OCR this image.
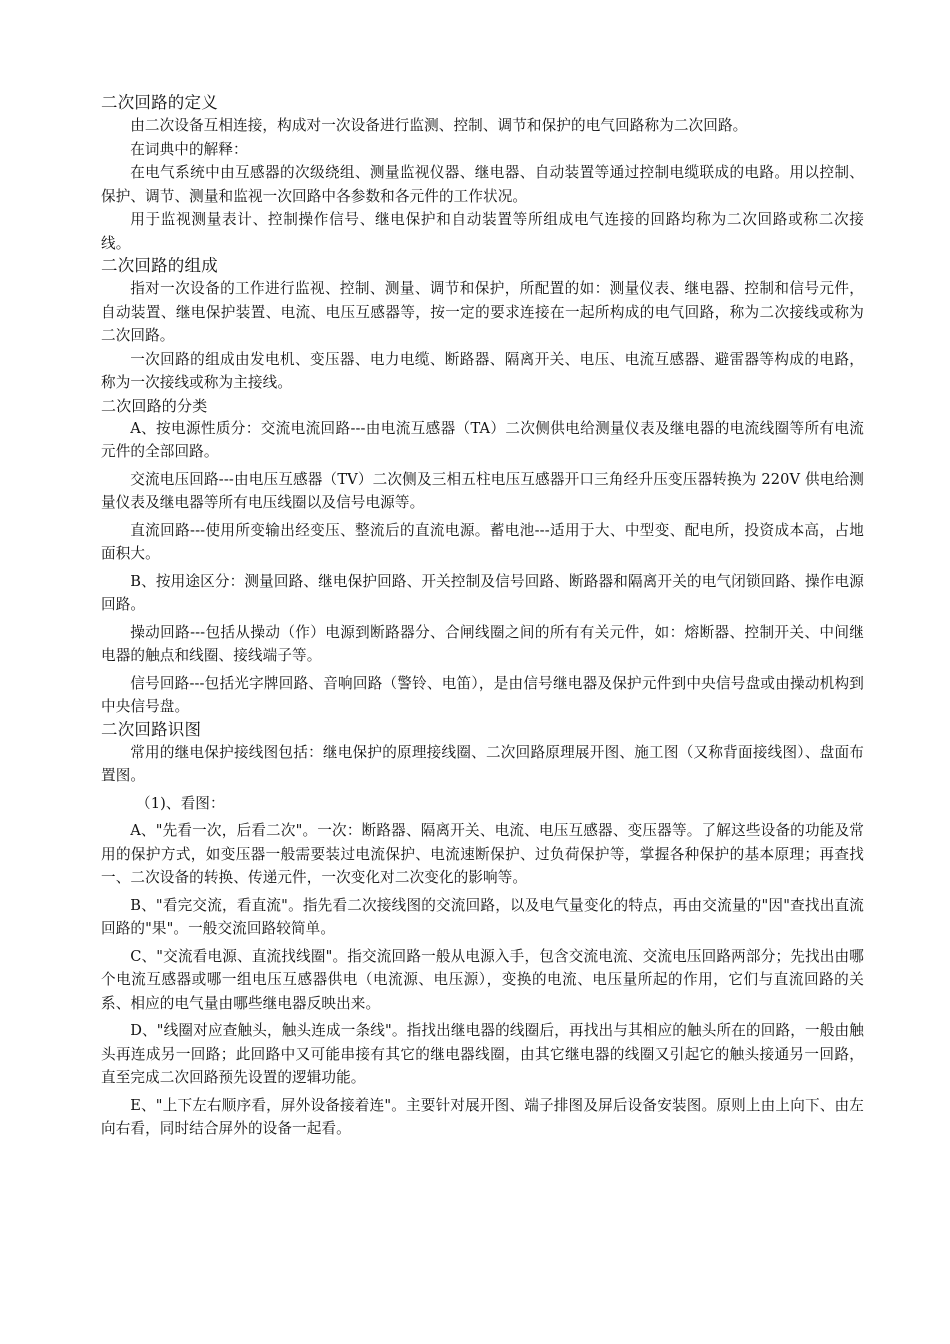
二次回路的定义

由二次设备互相连接，构成对一次设备进行监测、控制、调节和保护的电气回路称为二次回路。

在词典中的解释：

在电气系统中由互感器的次级绕组、测量监视仪器、继电器、自动装置等通过控制电缆联成的电路。用以控制、保护、调节、测量和监视一次回路中各参数和各元件的工作状况。

用于监视测量表计、控制操作信号、继电保护和自动装置等所组成电气连接的回路均称为二次回路或称二次接线。

二次回路的组成

指对一次设备的工作进行监视、控制、测量、调节和保护，所配置的如：测量仪表、继电器、控制和信号元件，自动装置、继电保护装置、电流、电压互感器等，按一定的要求连接在一起所构成的电气回路，称为二次接线或称为二次回路。

一次回路的组成由发电机、变压器、电力电缆、断路器、隔离开关、电压、电流互感器、避雷器等构成的电路，称为一次接线或称为主接线。

二次回路的分类

A、按电源性质分：交流电流回路---由电流互感器（TA）二次侧供电给测量仪表及继电器的电流线圈等所有电流元件的全部回路。

交流电压回路---由电压互感器（TV）二次侧及三相五柱电压互感器开口三角经升压变压器转换为 220V 供电给测量仪表及继电器等所有电压线圈以及信号电源等。

直流回路---使用所变输出经变压、整流后的直流电源。蓄电池---适用于大、中型变、配电所，投资成本高，占地面积大。

B、按用途区分：测量回路、继电保护回路、开关控制及信号回路、断路器和隔离开关的电气闭锁回路、操作电源回路。

操动回路---包括从操动（作）电源到断路器分、合闸线圈之间的所有有关元件，如：熔断器、控制开关、中间继电器的触点和线圈、接线端子等。

信号回路---包括光字牌回路、音响回路（警铃、电笛），是由信号继电器及保护元件到中央信号盘或由操动机构到中央信号盘。

二次回路识图

常用的继电保护接线图包括：继电保护的原理接线圈、二次回路原理展开图、施工图（又称背面接线图）、盘面布置图。

（1)、看图：

A、"先看一次，后看二次"。一次：断路器、隔离开关、电流、电压互感器、变压器等。了解这些设备的功能及常用的保护方式，如变压器一般需要装过电流保护、电流速断保护、过负荷保护等，掌握各种保护的基本原理；再查找一、二次设备的转换、传递元件，一次变化对二次变化的影响等。

B、"看完交流，看直流"。指先看二次接线图的交流回路，以及电气量变化的特点，再由交流量的"因"查找出直流回路的"果"。一般交流回路较简单。

C、"交流看电源、直流找线圈"。指交流回路一般从电源入手，包含交流电流、交流电压回路两部分；先找出由哪个电流互感器或哪一组电压互感器供电（电流源、电压源），变换的电流、电压量所起的作用，它们与直流回路的关系、相应的电气量由哪些继电器反映出来。

D、"线圈对应查触头，触头连成一条线"。指找出继电器的线圈后，再找出与其相应的触头所在的回路，一般由触头再连成另一回路；此回路中又可能串接有其它的继电器线圈，由其它继电器的线圈又引起它的触头接通另一回路，直至完成二次回路预先设置的逻辑功能。

E、"上下左右顺序看，屏外设备接着连"。主要针对展开图、端子排图及屏后设备安装图。原则上由上向下、由左向右看，同时结合屏外的设备一起看。
